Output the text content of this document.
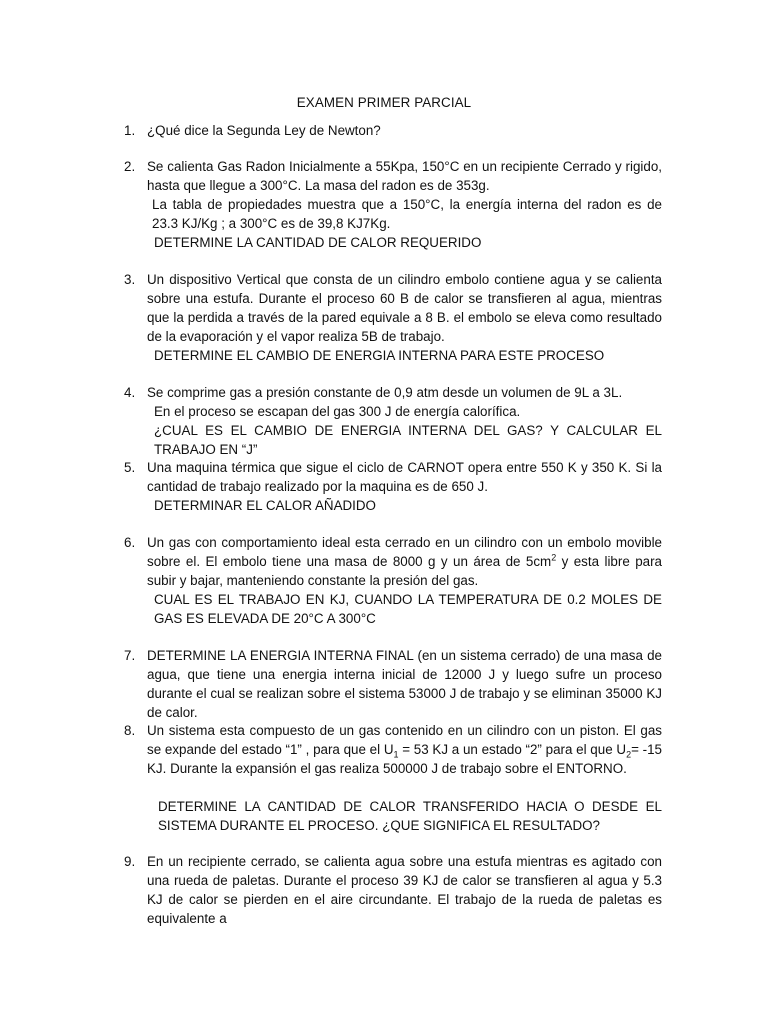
EXAMEN PRIMER PARCIAL
1. ¿Qué dice la Segunda Ley de Newton?

2. Se calienta Gas Radon Inicialmente a 55Kpa, 150°C en un recipiente Cerrado y rigido, hasta que llegue a 300°C. La masa del radon es de 353g.

La tabla de propiedades muestra que a 150°C, la energía interna del radon es de 23.3 KJ/Kg ; a 300°C es de 39,8 KJ7Kg.

DETERMINE LA CANTIDAD DE CALOR REQUERIDO

3. Un dispositivo Vertical que consta de un cilindro embolo contiene agua y se calienta sobre una estufa. Durante el proceso 60 B de calor se transfieren al agua, mientras que la perdida a través de la pared equivale a 8 B. el embolo se eleva como resultado de la evaporación y el vapor realiza 5B de trabajo.

DETERMINE EL CAMBIO DE ENERGIA INTERNA PARA ESTE PROCESO

4. Se comprime gas a presión constante de 0,9 atm desde un volumen de 9L a 3L.

En el proceso se escapan del gas 300 J de energía calorífica.

¿CUAL ES EL CAMBIO DE ENERGIA INTERNA DEL GAS? Y CALCULAR EL TRABAJO EN “J”

5. Una maquina térmica que sigue el ciclo de CARNOT opera entre 550 K y 350 K. Si la cantidad de trabajo realizado por la maquina es de 650 J.

DETERMINAR EL CALOR AÑADIDO

6. Un gas con comportamiento ideal esta cerrado en un cilindro con un embolo movible sobre el. El embolo tiene una masa de 8000 g y un área de $5cm^2$ y esta libre para subir y bajar, manteniendo constante la presión del gas.

CUAL ES EL TRABAJO EN KJ, CUANDO LA TEMPERATURA DE 0.2 MOLES DE GAS ES ELEVADA DE 20°C A 300°C

7. DETERMINE LA ENERGIA INTERNA FINAL (en un sistema cerrado) de una masa de agua, que tiene una energia interna inicial de 12000 J y luego sufre un proceso durante el cual se realizan sobre el sistema 53000 J de trabajo y se eliminan 35000 KJ de calor.

8. Un sistema esta compuesto de un gas contenido en un cilindro con un piston. El gas se expande del estado “1” , para que el $U_1 = 53$ KJ a un estado “2” para el que $U_2= -15$ KJ. Durante la expansión el gas realiza 500000 J de trabajo sobre el ENTORNO.

DETERMINE LA CANTIDAD DE CALOR TRANSFERIDO HACIA O DESDE EL SISTEMA DURANTE EL PROCESO. ¿QUE SIGNIFICA EL RESULTADO?

9. En un recipiente cerrado, se calienta agua sobre una estufa mientras es agitado con una rueda de paletas. Durante el proceso 39 KJ de calor se transfieren al agua y 5.3 KJ de calor se pierden en el aire circundante. El trabajo de la rueda de paletas es equivalente a
